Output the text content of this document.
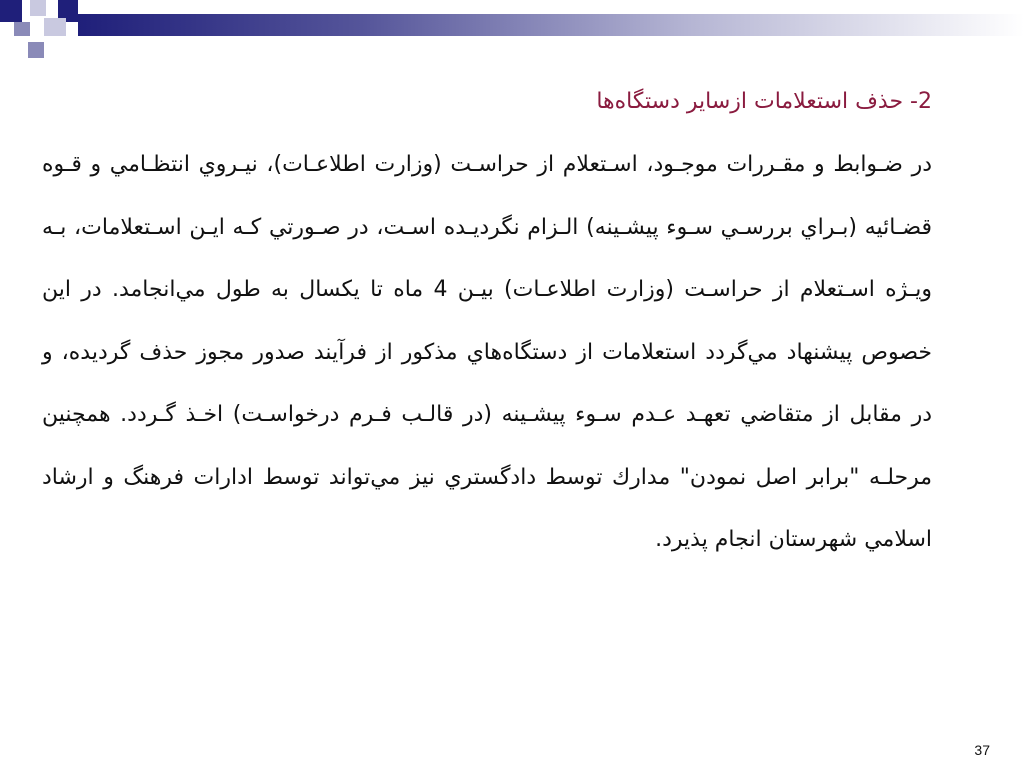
2- حذف استعلامات ازسایر دستگاه‌ها

در ضـوابط و مقـررات موجـود، اسـتعلام از حراسـت (وزارت اطلاعـات)، نيـروي انتظـامي و قـوه قضـائيه (بـراي بررسـي سـوء پيشـينه) الـزام نگرديـده اسـت، در صـورتي كـه ايـن اسـتعلامات، بـه ويـژه اسـتعلام از حراسـت (وزارت اطلاعـات) بيـن 4 ماه تا يكسال به طول مي‌انجامد. در اين خصوص پيشنهاد مي‌گردد استعلامات از دستگاه‌هاي مذكور از فرآيند صدور مجوز حذف گرديده، و در مقابل از متقاضي تعهـد عـدم سـوء پيشـينه (در قالـب فـرم درخواسـت) اخـذ گـردد. همچنين مرحلـه "برابر اصل نمودن" مدارك توسط دادگستري نيز مي‌تواند توسط ادارات فرهنگ و ارشاد اسلامي شهرستان انجام پذيرد.

37
